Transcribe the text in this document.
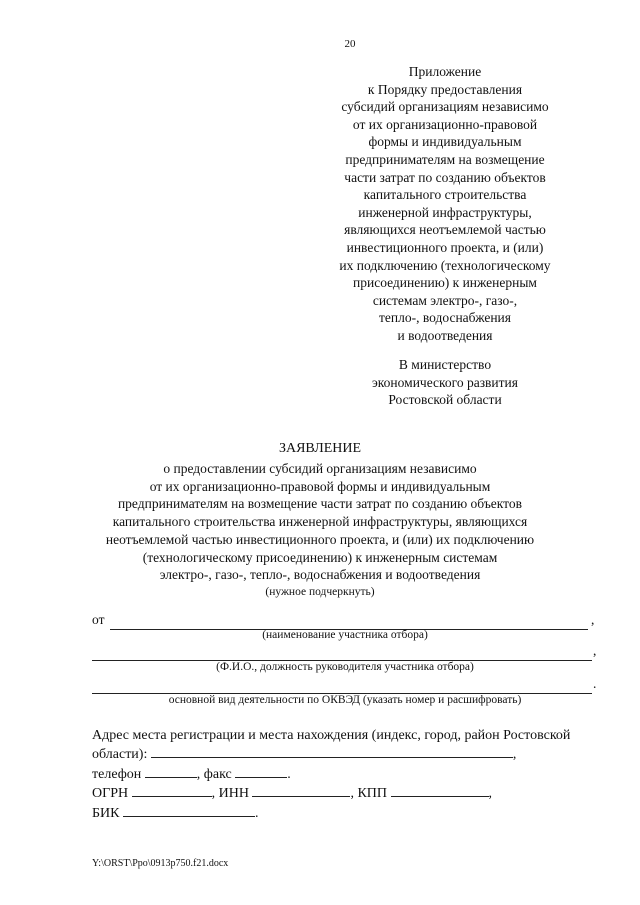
20
Приложение
к Порядку предоставления
субсидий организациям независимо
от их организационно-правовой
формы и индивидуальным
предпринимателям на возмещение
части затрат по созданию объектов
капитального строительства
инженерной инфраструктуры,
являющихся неотъемлемой частью
инвестиционного проекта, и (или)
их подключению (технологическому
присоединению) к инженерным
системам электро-, газо-,
тепло-, водоснабжения
и водоотведения
В министерство
экономического развития
Ростовской области
ЗАЯВЛЕНИЕ
о предоставлении субсидий организациям независимо
от их организационно-правовой формы и индивидуальным
предпринимателям на возмещение части затрат по созданию объектов
капитального строительства инженерной инфраструктуры, являющихся
неотъемлемой частью инвестиционного проекта, и (или) их подключению
(технологическому присоединению) к инженерным системам
электро-, газо-, тепло-, водоснабжения и водоотведения
(нужное подчеркнуть)
от	,
(наименование участника отбора)
,
(Ф.И.О., должность руководителя участника отбора)
.
основной вид деятельности по ОКВЭД (указать номер и расшифровать)
Адрес места регистрации и места нахождения (индекс, город, район Ростовской
области):	,
телефон	, факс	.
ОГРН	, ИНН	, КПП	,
БИК	.
Y:\ORST\Ppo\0913p750.f21.docx
